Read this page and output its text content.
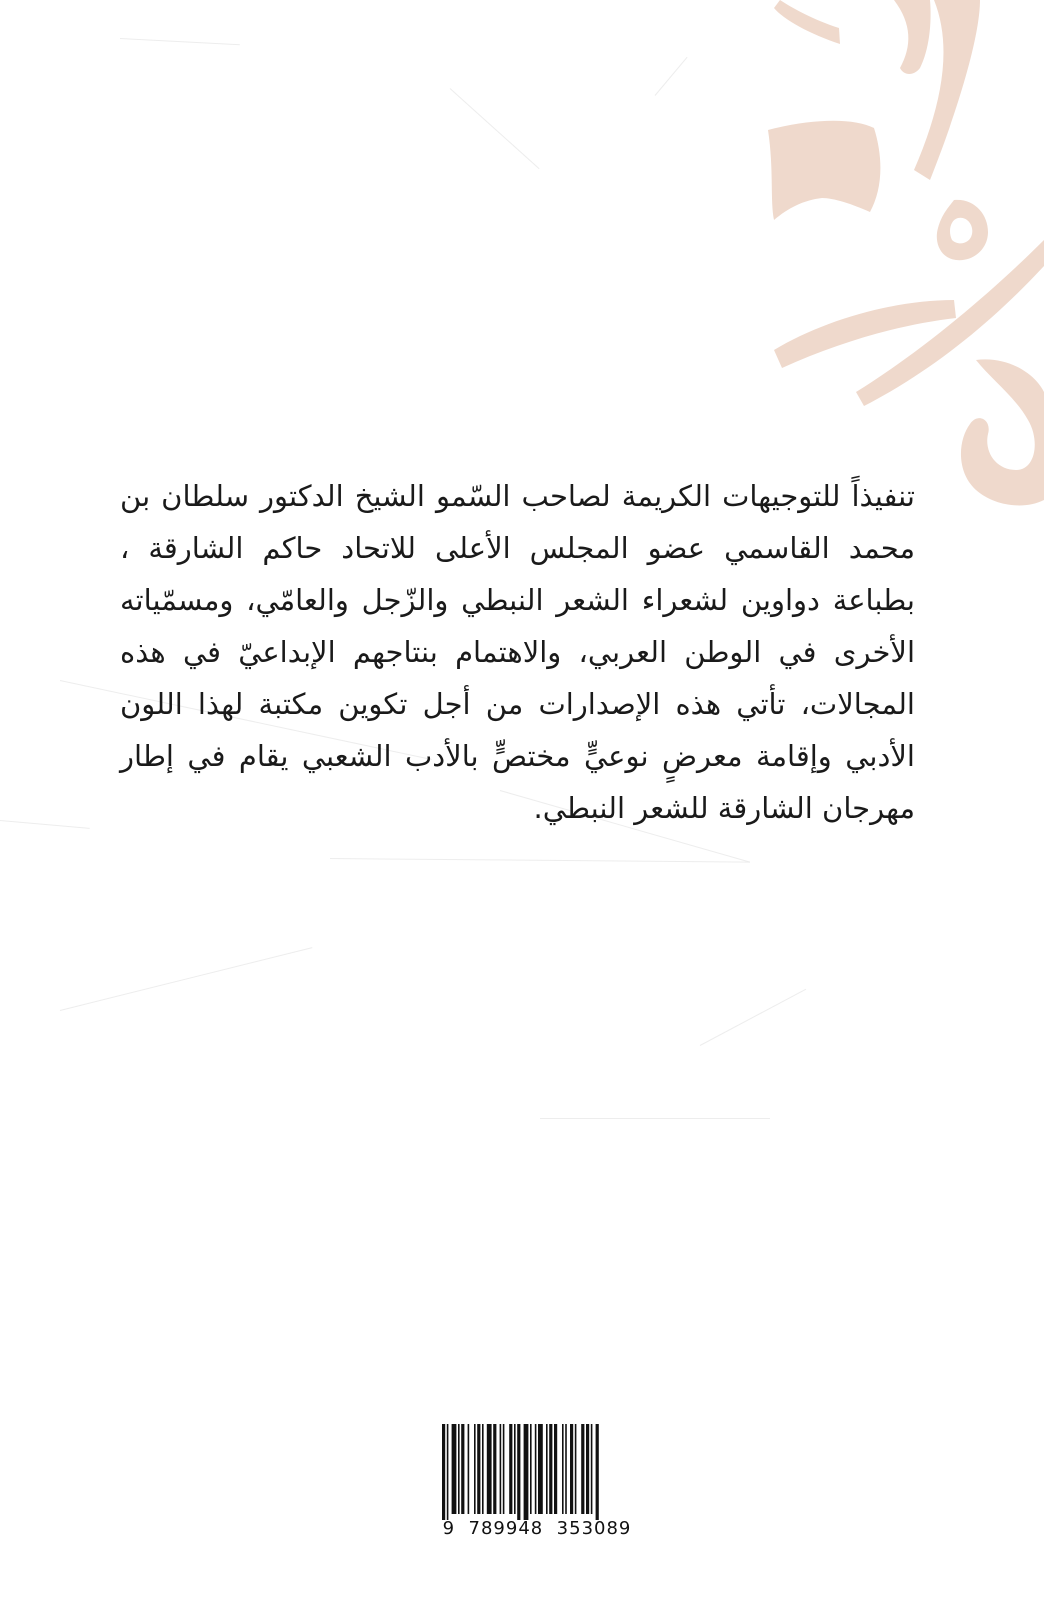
تنفيذاً للتوجيهات الكريمة لصاحب السّمو الشيخ الدكتور سلطان بن محمد القاسمي عضو المجلس الأعلى للاتحاد حاكم الشارقة ، بطباعة دواوين لشعراء الشعر النبطي والزّجل والعامّي، ومسمّياته الأخرى في الوطن العربي، والاهتمام بنتاجهم الإبداعيّ في هذه المجالات، تأتي هذه الإصدارات من أجل تكوين مكتبة لهذا اللون الأدبي وإقامة معرضٍ نوعيٍّ مختصٍّ بالأدب الشعبي يقام في إطار مهرجان الشارقة للشعر النبطي.

9  789948  353089
